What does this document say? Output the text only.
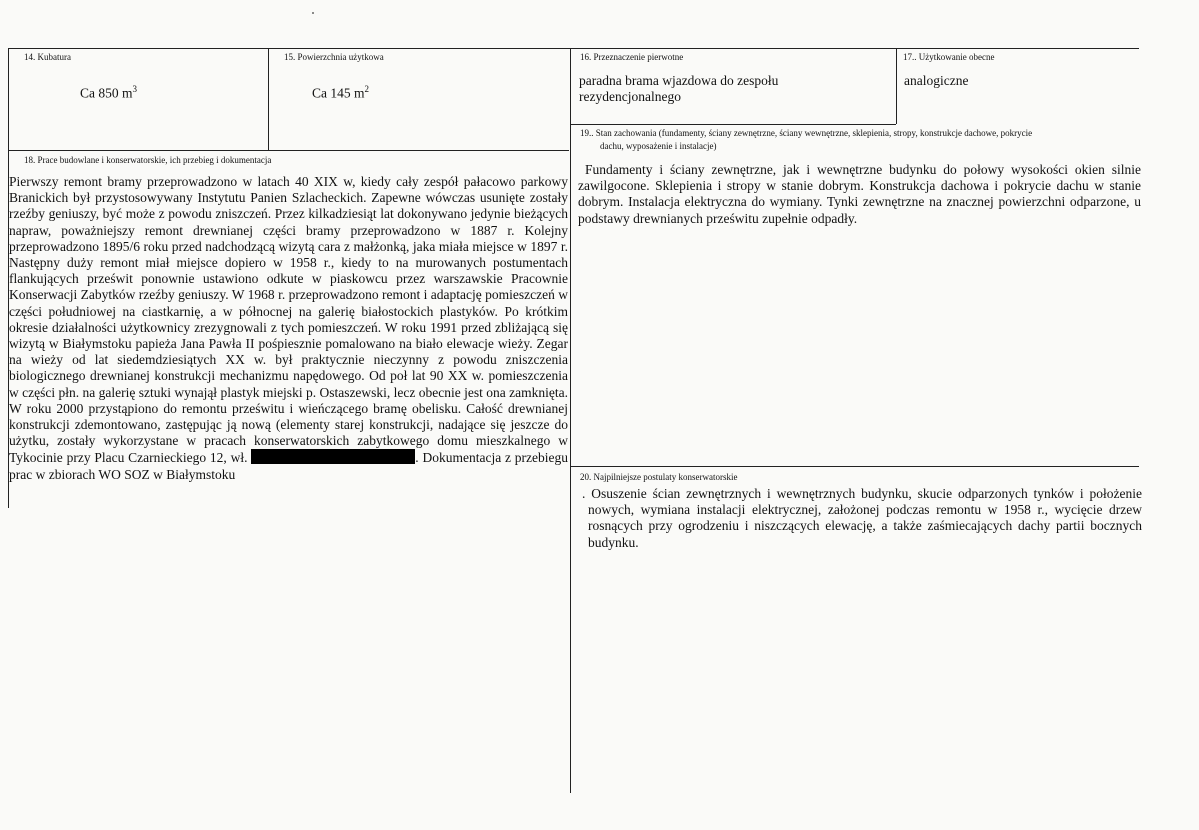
14. Kubatura
Ca 850 $m^3$
15. Powierzchnia użytkowa
Ca 145 $m^2$
16. Przeznaczenie pierwotne
paradna brama wjazdowa do zespołu rezydencjonalnego
17.. Użytkowanie obecne
analogiczne
18. Prace budowlane i konserwatorskie, ich przebieg i dokumentacja
Pierwszy remont bramy przeprowadzono w latach 40 XIX w, kiedy cały zespół pałacowo parkowy Branickich był przystosowywany Instytutu Panien Szlacheckich. Zapewne wówczas usunięte zostały rzeźby geniuszy, być może z powodu zniszczeń. Przez kilkadziesiąt lat dokonywano jedynie bieżących napraw, poważniejszy remont drewnianej części bramy przeprowadzono w 1887 r. Kolejny przeprowadzono 1895/6 roku przed nadchodzącą wizytą cara z małżonką, jaka miała miejsce w 1897 r. Następny duży remont miał miejsce dopiero w 1958 r., kiedy to na murowanych postumentach flankujących prześwit ponownie ustawiono odkute w piaskowcu przez warszawskie Pracownie Konserwacji Zabytków rzeźby geniuszy. W 1968 r. przeprowadzono remont i adaptację pomieszczeń w części południowej na ciastkarnię, a w północnej na galerię białostockich plastyków. Po krótkim okresie działalności użytkownicy zrezygnowali z tych pomieszczeń. W roku 1991 przed zbliżającą się wizytą w Białymstoku papieża Jana Pawła II pośpiesznie pomalowano na biało elewacje wieży. Zegar na wieży od lat siedemdziesiątych XX w. był praktycznie nieczynny z powodu zniszczenia biologicznego drewnianej konstrukcji mechanizmu napędowego. Od poł lat 90 XX w. pomieszczenia w części płn. na galerię sztuki wynajął plastyk miejski p. Ostaszewski, lecz obecnie jest ona zamknięta. W roku 2000 przystąpiono do remontu prześwitu i wieńczącego bramę obelisku. Całość drewnianej konstrukcji zdemontowano, zastępując ją nową (elementy starej konstrukcji, nadające się jeszcze do użytku, zostały wykorzystane w pracach konserwatorskich zabytkowego domu mieszkalnego w Tykocinie przy Placu Czarnieckiego 12, wł.	. Dokumentacja z przebiegu prac w zbiorach WO SOZ w Białymstoku
19.. Stan zachowania (fundamenty, ściany zewnętrzne, ściany wewnętrzne, sklepienia, stropy, konstrukcje dachowe, pokrycie
dachu, wyposażenie i instalacje)
Fundamenty i ściany zewnętrzne, jak i wewnętrzne budynku do połowy wysokości okien silnie zawilgocone. Sklepienia i stropy w stanie dobrym. Konstrukcja dachowa i pokrycie dachu w stanie dobrym. Instalacja elektryczna do wymiany. Tynki zewnętrzne na znacznej powierzchni odparzone, u podstawy drewnianych prześwitu zupełnie odpadły.
20. Najpilniejsze postulaty konserwatorskie
. Osuszenie ścian zewnętrznych i wewnętrznych budynku, skucie odparzonych tynków i położenie nowych, wymiana instalacji elektrycznej, założonej podczas remontu w 1958 r., wycięcie drzew rosnących przy ogrodzeniu i niszczących elewację, a także zaśmiecających dachy partii bocznych budynku.
